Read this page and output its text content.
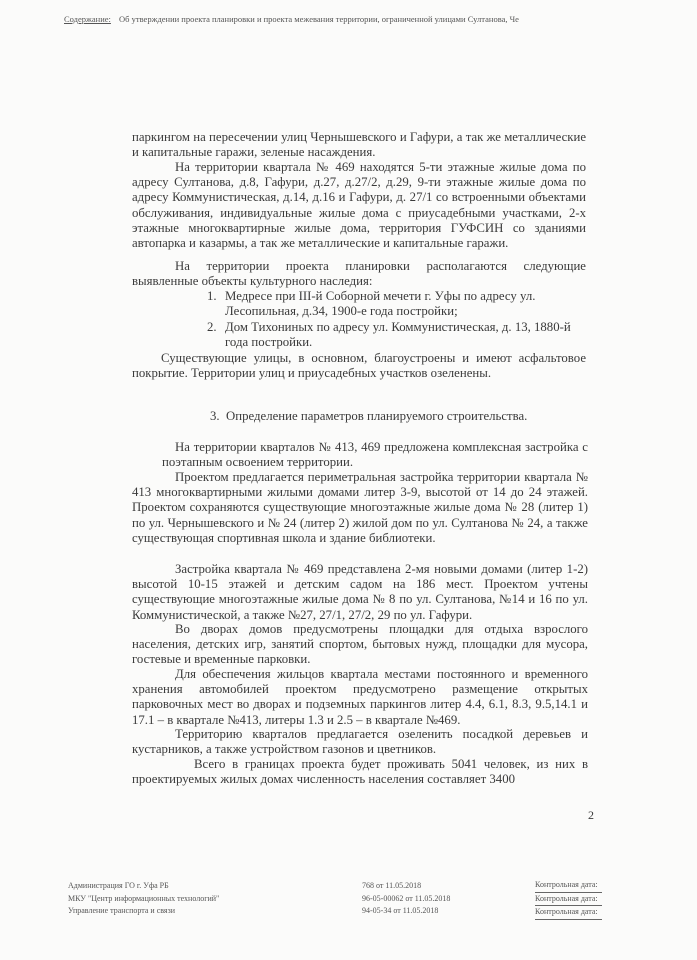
Содержание: Об утверждении проекта планировки и проекта межевания территории, ограниченной улицами Султанова, Че
паркингом на пересечении улиц Чернышевского и Гафури, а так же металлические и капитальные гаражи, зеленые насаждения.
На территории квартала № 469 находятся 5-ти этажные жилые дома по адресу Султанова, д.8, Гафури, д.27, д.27/2, д.29, 9-ти этажные жилые дома по адресу Коммунистическая, д.14, д.16 и Гафури, д. 27/1 со встроенными объектами обслуживания, индивидуальные жилые дома с приусадебными участками, 2-х этажные многоквартирные жилые дома, территория ГУФСИН со зданиями автопарка и казармы, а так же металлические и капитальные гаражи.
На территории проекта планировки располагаются следующие выявленные объекты культурного наследия:
1. Медресе при III-й Соборной мечети г. Уфы по адресу ул. Лесопильная, д.34, 1900-е года постройки;
2. Дом Тихониных по адресу ул. Коммунистическая, д. 13, 1880-й года постройки.
Существующие улицы, в основном, благоустроены и имеют асфальтовое покрытие. Территории улиц и приусадебных участков озеленены.
3. Определение параметров планируемого строительства.
На территории кварталов № 413, 469 предложена комплексная застройка с поэтапным освоением территории.
Проектом предлагается периметральная застройка территории квартала № 413 многоквартирными жилыми домами литер 3-9, высотой от 14 до 24 этажей. Проектом сохраняются существующие многоэтажные жилые дома № 28 (литер 1) по ул. Чернышевского и № 24 (литер 2) жилой дом по ул. Султанова № 24, а также существующая спортивная школа и здание библиотеки.
Застройка квартала № 469 представлена 2-мя новыми домами (литер 1-2) высотой 10-15 этажей и детским садом на 186 мест. Проектом учтены существующие многоэтажные жилые дома № 8 по ул. Султанова, №14 и 16 по ул. Коммунистической, а также №27, 27/1, 27/2, 29 по ул. Гафури.
Во дворах домов предусмотрены площадки для отдыха взрослого населения, детских игр, занятий спортом, бытовых нужд, площадки для мусора, гостевые и временные парковки.
Для обеспечения жильцов квартала местами постоянного и временного хранения автомобилей проектом предусмотрено размещение открытых парковочных мест во дворах и подземных паркингов литер 4.4, 6.1, 8.3, 9.5,14.1 и 17.1 – в квартале №413, литеры 1.3 и 2.5 – в квартале №469.
Территорию кварталов предлагается озеленить посадкой деревьев и кустарников, а также устройством газонов и цветников.
Всего в границах проекта будет проживать 5041 человек, из них в проектируемых жилых домах численность населения составляет 3400
2
Администрация ГО г. Уфа РБ
МКУ "Центр информационных технологий"
Управление транспорта и связи
768 от 11.05.2018
96-05-00062 от 11.05.2018
94-05-34 от 11.05.2018
Контрольная дата:
Контрольная дата:
Контрольная дата:
